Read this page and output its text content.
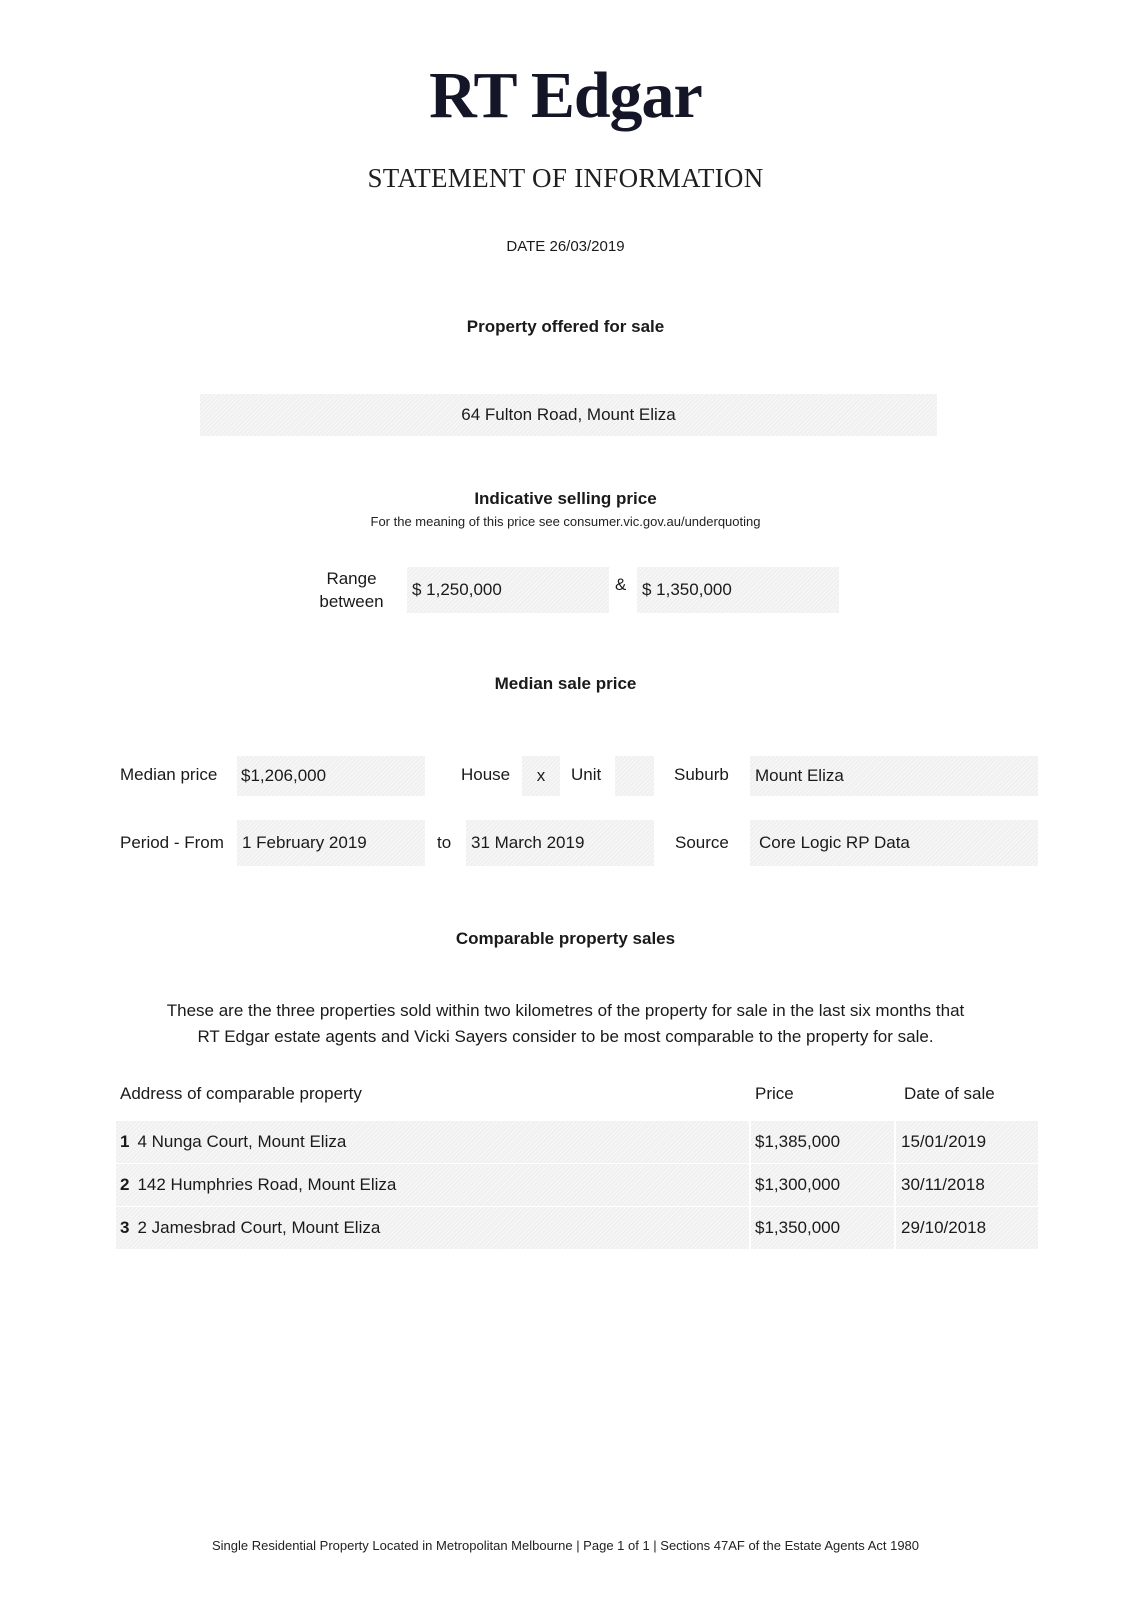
RT Edgar
STATEMENT OF INFORMATION
DATE 26/03/2019
Property offered for sale
64 Fulton Road, Mount Eliza
Indicative selling price
For the meaning of this price see consumer.vic.gov.au/underquoting
Range
between
$ 1,250,000	& $ 1,350,000
Median sale price
Median price $1,206,000	House x Unit	Suburb Mount Eliza
Period - From 1 February 2019	to 31 March 2019	Source Core Logic RP Data
Comparable property sales
These are the three properties sold within two kilometres of the property for sale in the last six months that
RT Edgar estate agents and Vicki Sayers consider to be most comparable to the property for sale.
Address of comparable property	Price	Date of sale
1 4 Nunga Court, Mount Eliza	$1,385,000	15/01/2019
2 142 Humphries Road, Mount Eliza	$1,300,000	30/11/2018
3 2 Jamesbrad Court, Mount Eliza	$1,350,000	29/10/2018
Single Residential Property Located in Metropolitan Melbourne | Page 1 of 1 | Sections 47AF of the Estate Agents Act 1980
